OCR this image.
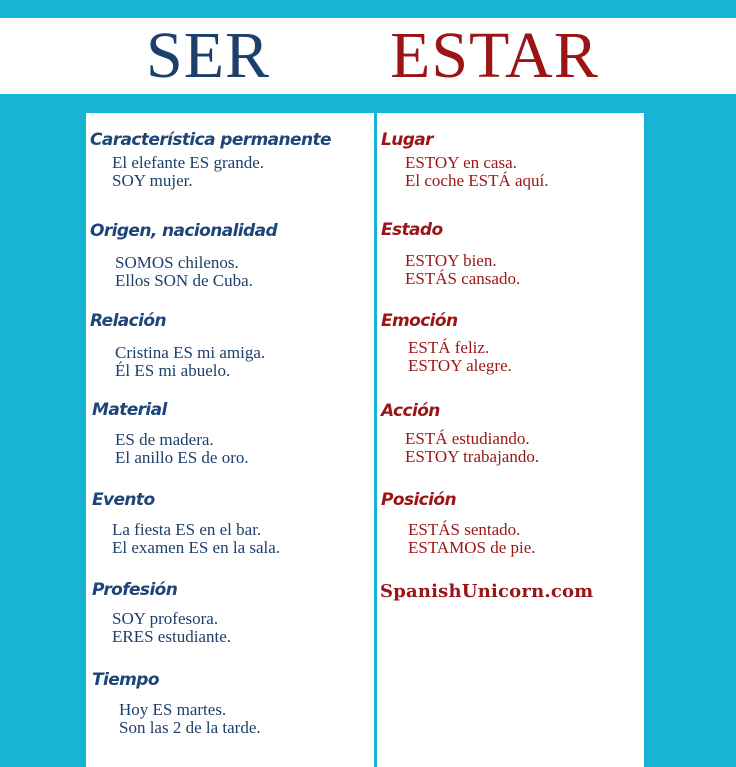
SER ESTAR
Característica permanente
El elefante ES grande.
SOY mujer.
Origen, nacionalidad
SOMOS chilenos.
Ellos SON de Cuba.
Relación
Cristina ES mi amiga.
Él ES mi abuelo.
Material
ES de madera.
El anillo ES de oro.
Evento
La fiesta ES en el bar.
El examen ES en la sala.
Profesión
SOY profesora.
ERES estudiante.
Tiempo
Hoy ES martes.
Son las 2 de la tarde.
Lugar
ESTOY en casa.
El coche ESTÁ aquí.
Estado
ESTOY bien.
ESTÁS cansado.
Emoción
ESTÁ feliz.
ESTOY alegre.
Acción
ESTÁ estudiando.
ESTOY trabajando.
Posición
ESTÁS sentado.
ESTAMOS de pie.
SpanishUnicorn.com
